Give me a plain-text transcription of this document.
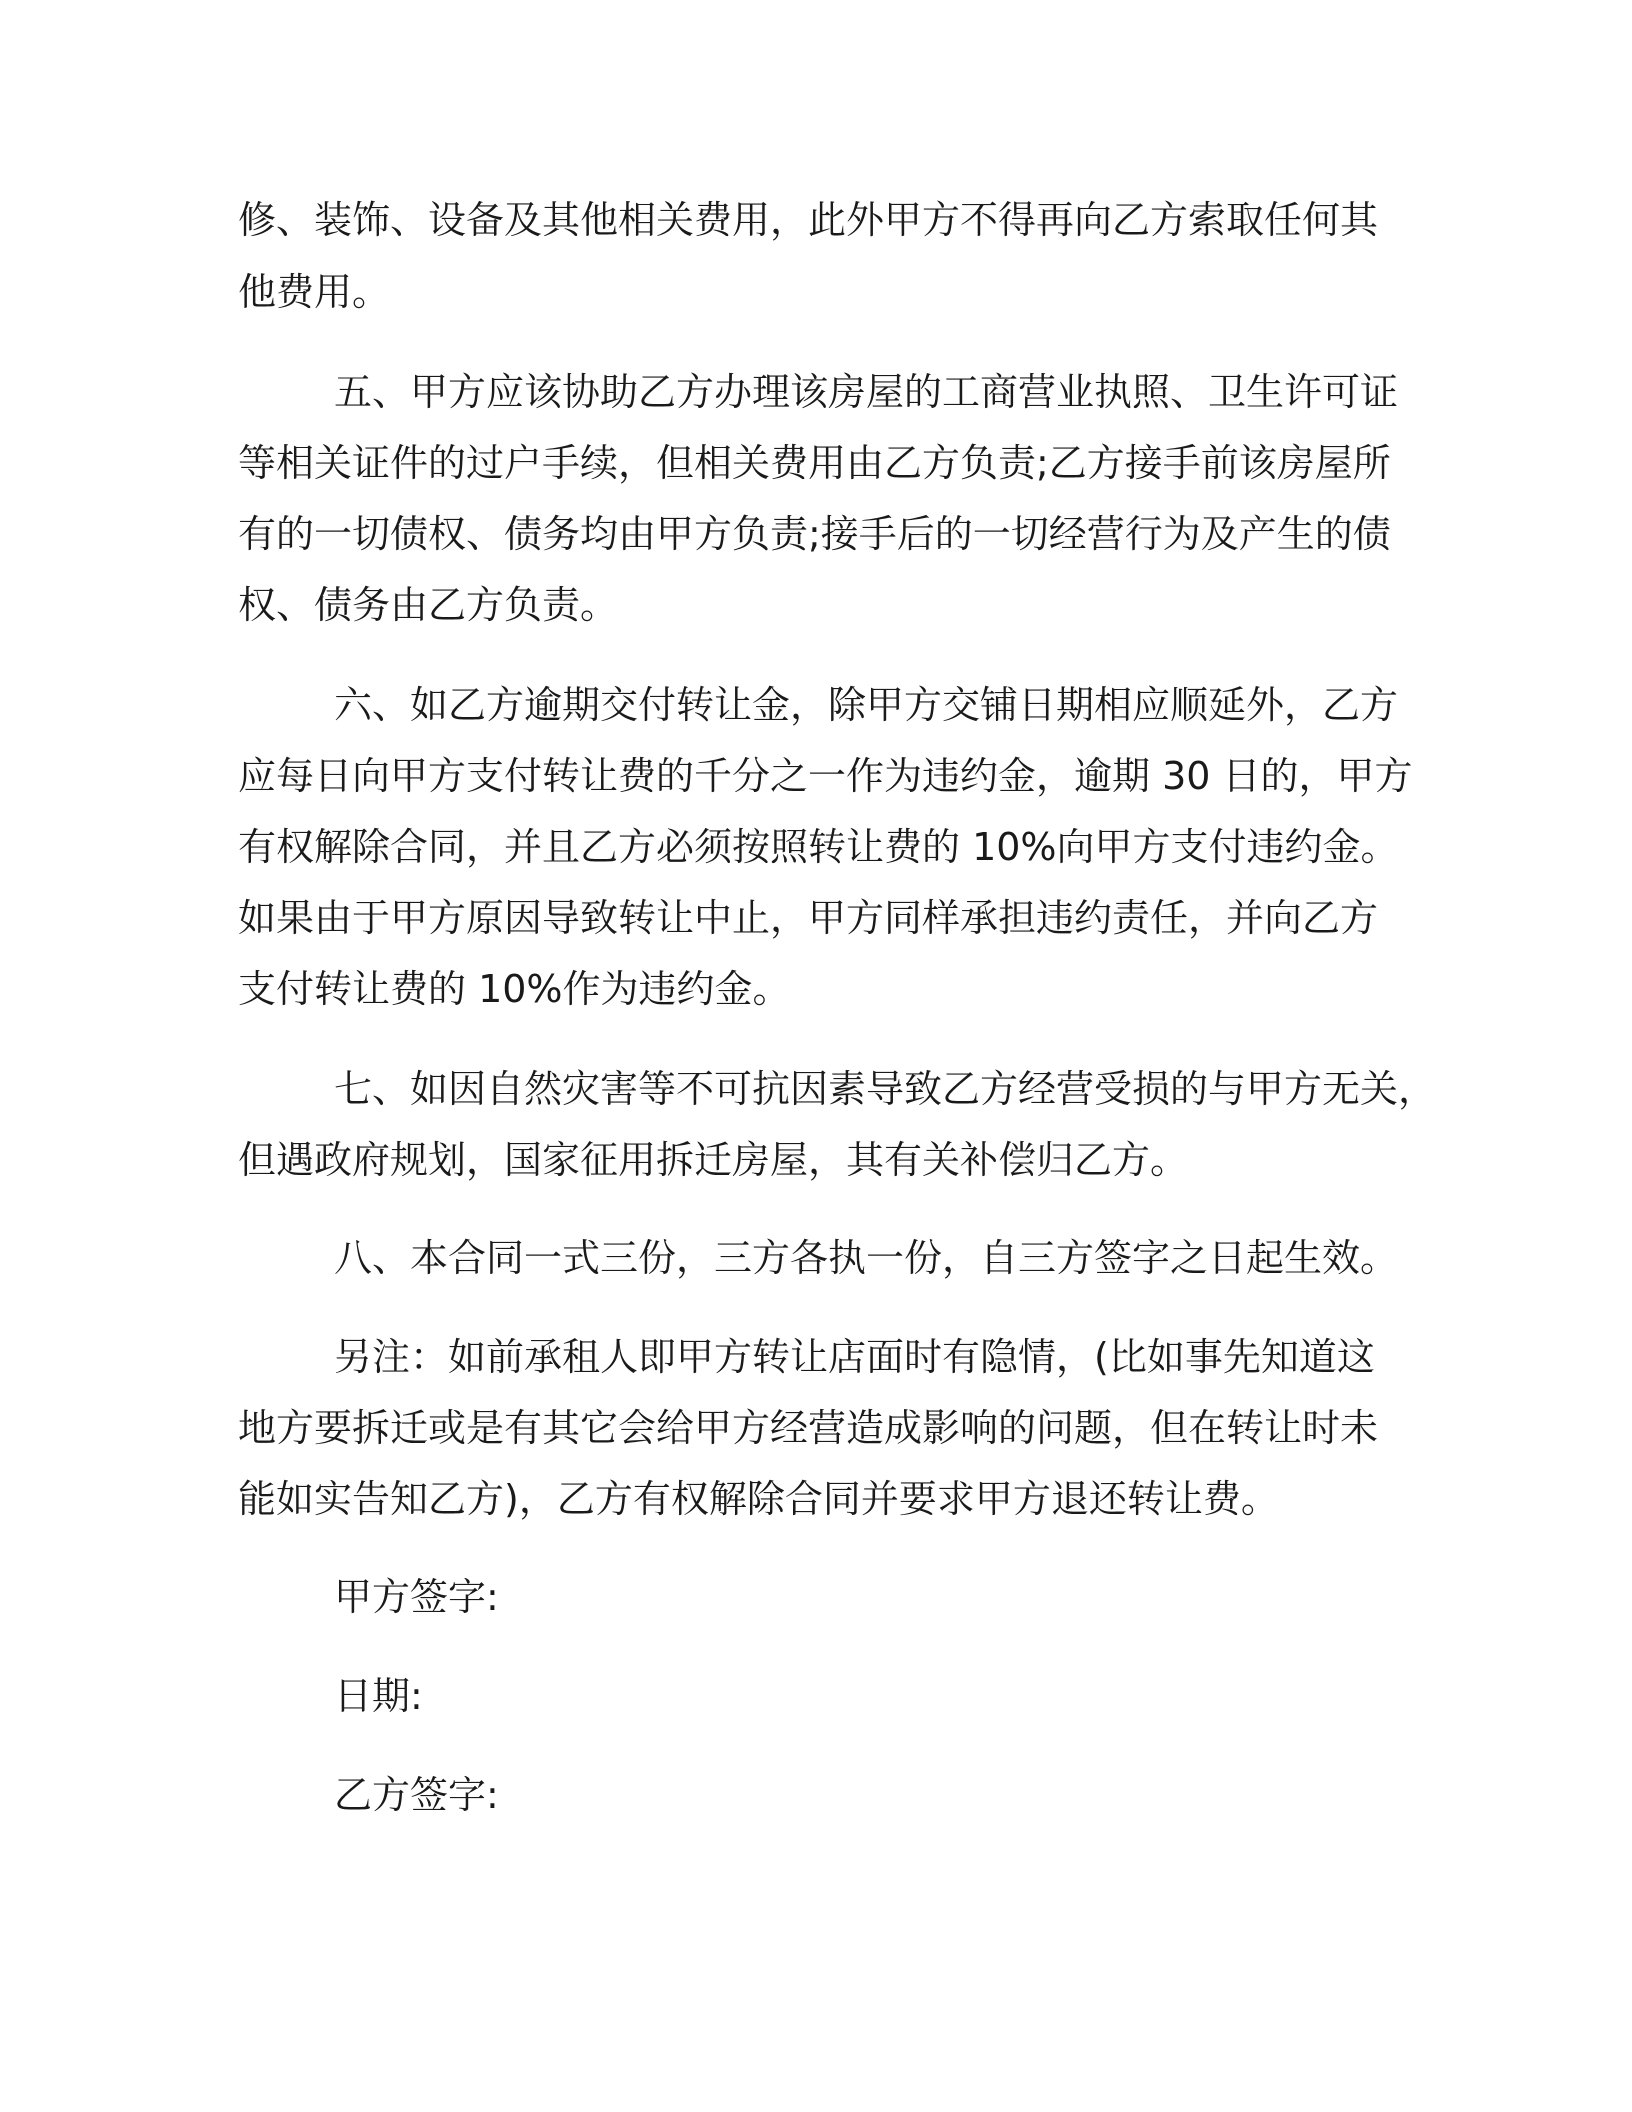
修、装饰、设备及其他相关费用，此外甲方不得再向乙方索取任何其

他费用。

五、甲方应该协助乙方办理该房屋的工商营业执照、卫生许可证

等相关证件的过户手续，但相关费用由乙方负责;乙方接手前该房屋所

有的一切债权、债务均由甲方负责;接手后的一切经营行为及产生的债

权、债务由乙方负责。

六、如乙方逾期交付转让金，除甲方交铺日期相应顺延外，乙方

应每日向甲方支付转让费的千分之一作为违约金，逾期 30 日的，甲方

有权解除合同，并且乙方必须按照转让费的 10%向甲方支付违约金。

如果由于甲方原因导致转让中止，甲方同样承担违约责任，并向乙方

支付转让费的 10%作为违约金。

七、如因自然灾害等不可抗因素导致乙方经营受损的与甲方无关，

但遇政府规划，国家征用拆迁房屋，其有关补偿归乙方。

八、本合同一式三份，三方各执一份，自三方签字之日起生效。

另注：如前承租人即甲方转让店面时有隐情，(比如事先知道这

地方要拆迁或是有其它会给甲方经营造成影响的问题，但在转让时未

能如实告知乙方)，乙方有权解除合同并要求甲方退还转让费。

甲方签字:

日期:

乙方签字:
